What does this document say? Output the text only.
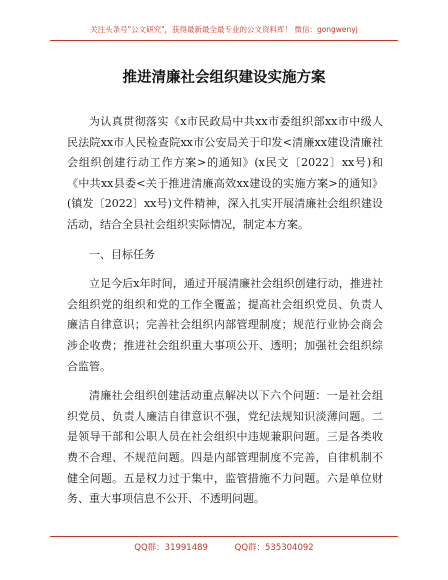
关注头条号"公文研究"，获得最新最全最专业的公文资料库！ 微信：gongwenyj
推进清廉社会组织建设实施方案

为认真贯彻落实《x市民政局中共xx市委组织部xx市中级人民法院xx市人民检查院xx市公安局关于印发<清廉xx建设清廉社会组织创建行动工作方案>的通知》(x民文〔2022〕xx号)和《中共xx县委<关于推进清廉高效xx建设的实施方案>的通知》(镇发〔2022〕xx号)文件精神，深入扎实开展清廉社会组织建设活动，结合全县社会组织实际情况，制定本方案。

一、目标任务

立足今后x年时间，通过开展清廉社会组织创建行动，推进社会组织党的组织和党的工作全覆盖；提高社会组织党员、负责人廉洁自律意识；完善社会组织内部管理制度；规范行业协会商会涉企收费；推进社会组织重大事项公开、透明；加强社会组织综合监管。

清廉社会组织创建活动重点解决以下六个问题：一是社会组织党员、负责人廉洁自律意识不强，党纪法规知识淡薄问题。二是领导干部和公职人员在社会组织中违规兼职问题。三是各类收费不合理、不规范问题。四是内部管理制度不完善，自律机制不健全问题。五是权力过于集中，监管措施不力问题。六是单位财务、重大事项信息不公开、不透明问题。

QQ群：31991489	QQ群：535304092
